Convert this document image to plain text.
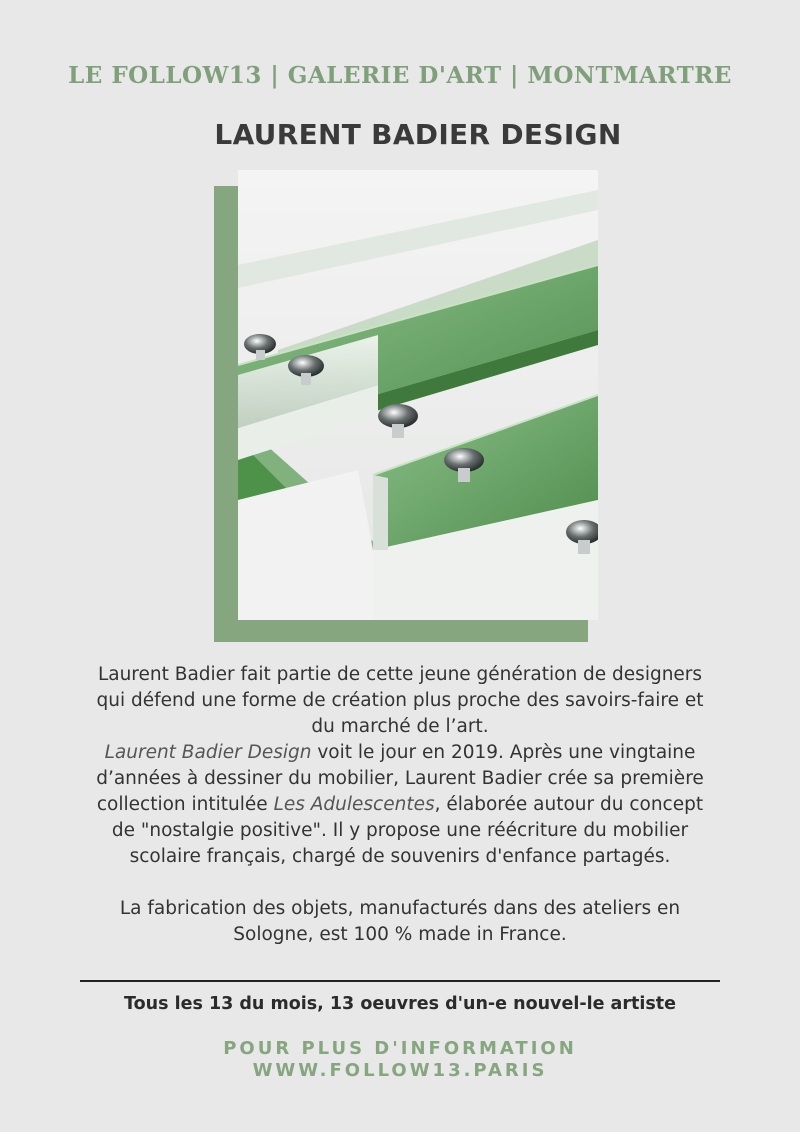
LE FOLLOW13 | GALERIE D'ART | MONTMARTRE
LAURENT BADIER DESIGN

Laurent Badier fait partie de cette jeune génération de designers qui défend une forme de création plus proche des savoirs-faire et du marché de l’art.

Laurent Badier Design voit le jour en 2019. Après une vingtaine d’années à dessiner du mobilier, Laurent Badier crée sa première collection intitulée Les Adulescentes, élaborée autour du concept de "nostalgie positive". Il y propose une réécriture du mobilier scolaire français, chargé de souvenirs d'enfance partagés.

La fabrication des objets, manufacturés dans des ateliers en Sologne, est 100 % made in France.

Tous les 13 du mois, 13 oeuvres d'un-e nouvel-le artiste
POUR PLUS D'INFORMATION
WWW.FOLLOW13.PARIS
